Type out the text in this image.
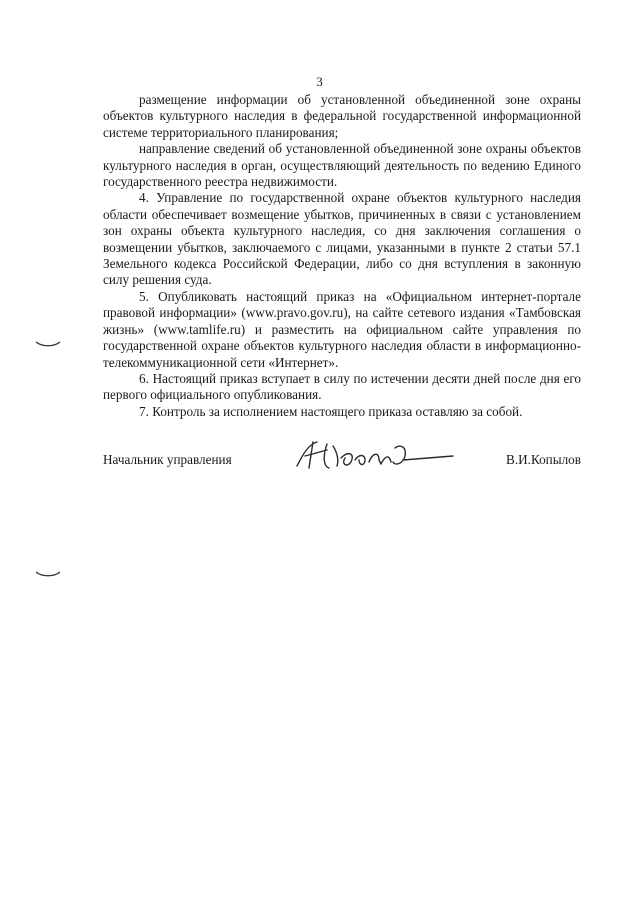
3

размещение информации об установленной объединенной зоне охраны объектов культурного наследия в федеральной государственной информационной системе территориального планирования;

направление сведений об установленной объединенной зоне охраны объектов культурного наследия в орган, осуществляющий деятельность по ведению Единого государственного реестра недвижимости.

4. Управление по государственной охране объектов культурного наследия области обеспечивает возмещение убытков, причиненных в связи с установлением зон охраны объекта культурного наследия, со дня заключения соглашения о возмещении убытков, заключаемого с лицами, указанными в пункте 2 статьи 57.1 Земельного кодекса Российской Федерации, либо со дня вступления в законную силу решения суда.

5. Опубликовать настоящий приказ на «Официальном интернет-портале правовой информации» (www.pravo.gov.ru), на сайте сетевого издания «Тамбовская жизнь» (www.tamlife.ru) и разместить на официальном сайте управления по государственной охране объектов культурного наследия области в информационно-телекоммуникационной сети «Интернет».

6. Настоящий приказ вступает в силу по истечении десяти дней после дня его первого официального опубликования.

7. Контроль за исполнением настоящего приказа оставляю за собой.

Начальник управления	В.И.Копылов
